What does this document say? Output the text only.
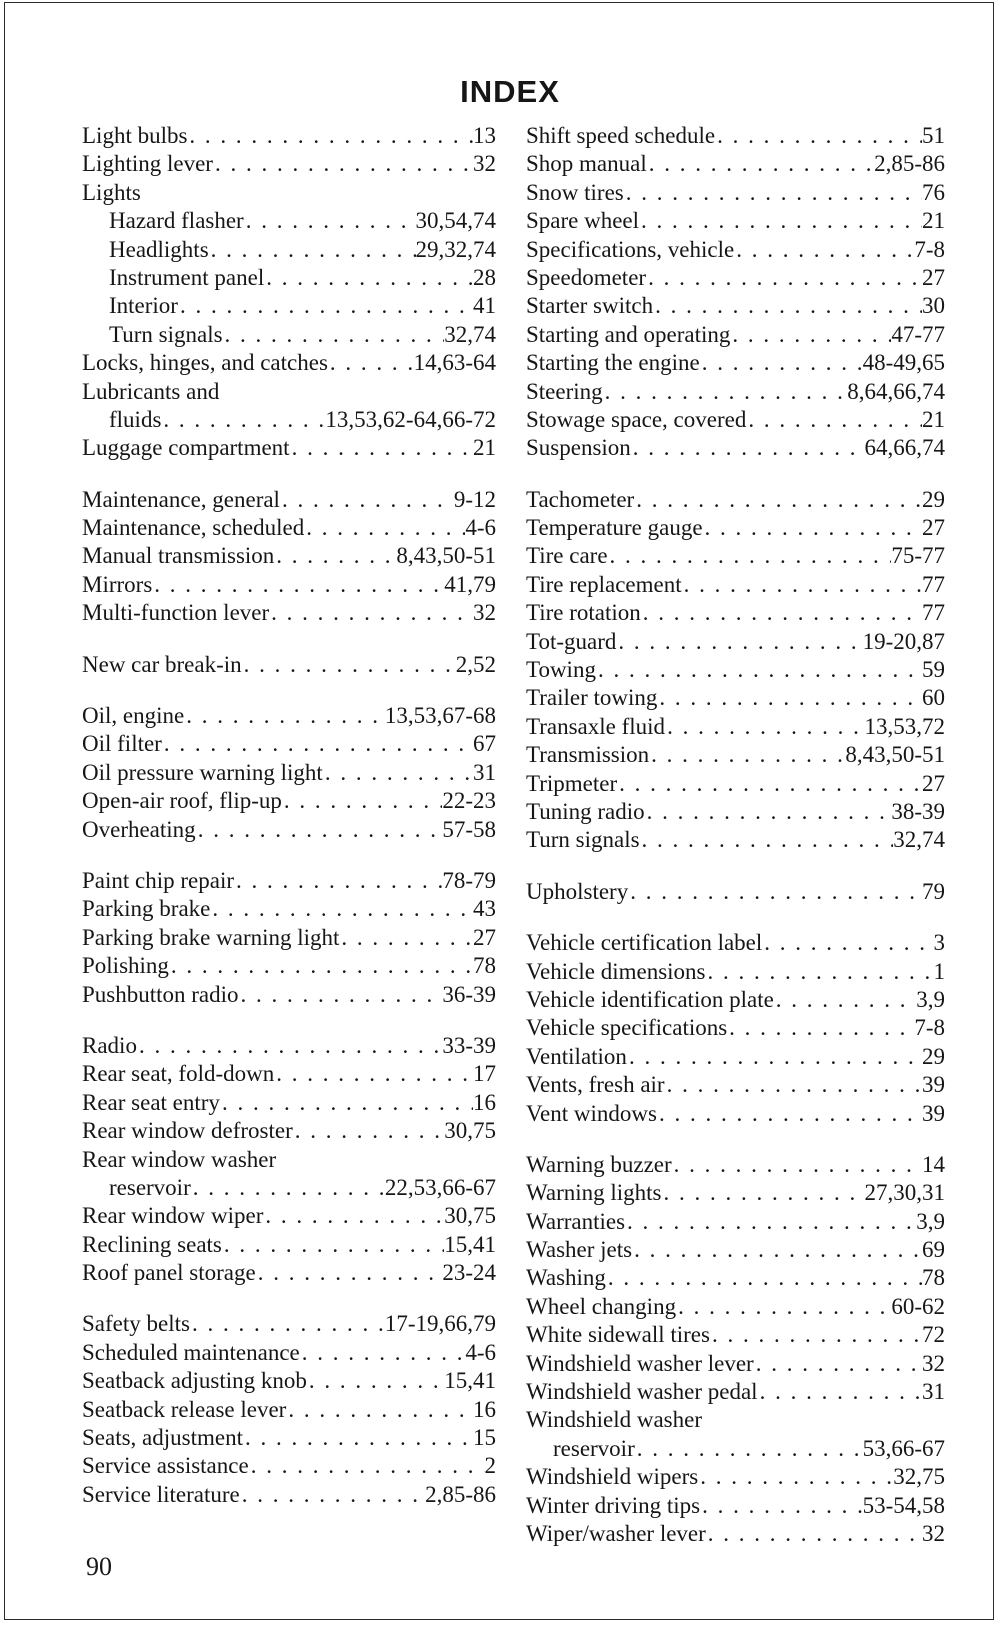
INDEX
Light bulbs . . .	13
Lighting lever . . .	32
Lights
Hazard flasher . . .	30,54,74
Headlights . . .	29,32,74
Instrument panel . . .	28
Interior . . .	41
Turn signals . . .	32,74
Locks, hinges, and catches . . .	14,63-64
Lubricants and
fluids . . .	13,53,62-64,66-72
Luggage compartment . . .	21
Maintenance, general . . .	9-12
Maintenance, scheduled . . .	4-6
Manual transmission . . .	8,43,50-51
Mirrors . . .	41,79
Multi-function lever . . .	32
New car break-in . . .	2,52
Oil, engine . . .	13,53,67-68
Oil filter . . .	67
Oil pressure warning light . . .	31
Open-air roof, flip-up . . .	22-23
Overheating . . .	57-58
Paint chip repair . . .	78-79
Parking brake . . .	43
Parking brake warning light . . .	27
Polishing . . .	78
Pushbutton radio . . .	36-39
Radio . . .	33-39
Rear seat, fold-down . . .	17
Rear seat entry . . .	16
Rear window defroster . . .	30,75
Rear window washer
reservoir . . .	22,53,66-67
Rear window wiper . . .	30,75
Reclining seats . . .	15,41
Roof panel storage . . .	23-24
Safety belts . . .	17-19,66,79
Scheduled maintenance . . .	4-6
Seatback adjusting knob . . .	15,41
Seatback release lever . . .	16
Seats, adjustment . . .	15
Service assistance . . .	2
Service literature . . .	2,85-86
Shift speed schedule . . .	51
Shop manual . . .	2,85-86
Snow tires . . .	76
Spare wheel . . .	21
Specifications, vehicle . . .	7-8
Speedometer . . .	27
Starter switch . . .	30
Starting and operating . . .	47-77
Starting the engine . . .	48-49,65
Steering . . .	8,64,66,74
Stowage space, covered . . .	21
Suspension . . .	64,66,74
Tachometer . . .	29
Temperature gauge . . .	27
Tire care . . .	75-77
Tire replacement . . .	77
Tire rotation . . .	77
Tot-guard . . .	19-20,87
Towing . . .	59
Trailer towing . . .	60
Transaxle fluid . . .	13,53,72
Transmission . . .	8,43,50-51
Tripmeter . . .	27
Tuning radio . . .	38-39
Turn signals . . .	32,74
Upholstery . . .	79
Vehicle certification label . . .	3
Vehicle dimensions . . .	1
Vehicle identification plate . . .	3,9
Vehicle specifications . . .	7-8
Ventilation . . .	29
Vents, fresh air . . .	39
Vent windows . . .	39
Warning buzzer . . .	14
Warning lights . . .	27,30,31
Warranties . . .	3,9
Washer jets . . .	69
Washing . . .	78
Wheel changing . . .	60-62
White sidewall tires . . .	72
Windshield washer lever . . .	32
Windshield washer pedal . . .	31
Windshield washer
reservoir . . .	53,66-67
Windshield wipers . . .	32,75
Winter driving tips . . .	53-54,58
Wiper/washer lever . . .	32
90
